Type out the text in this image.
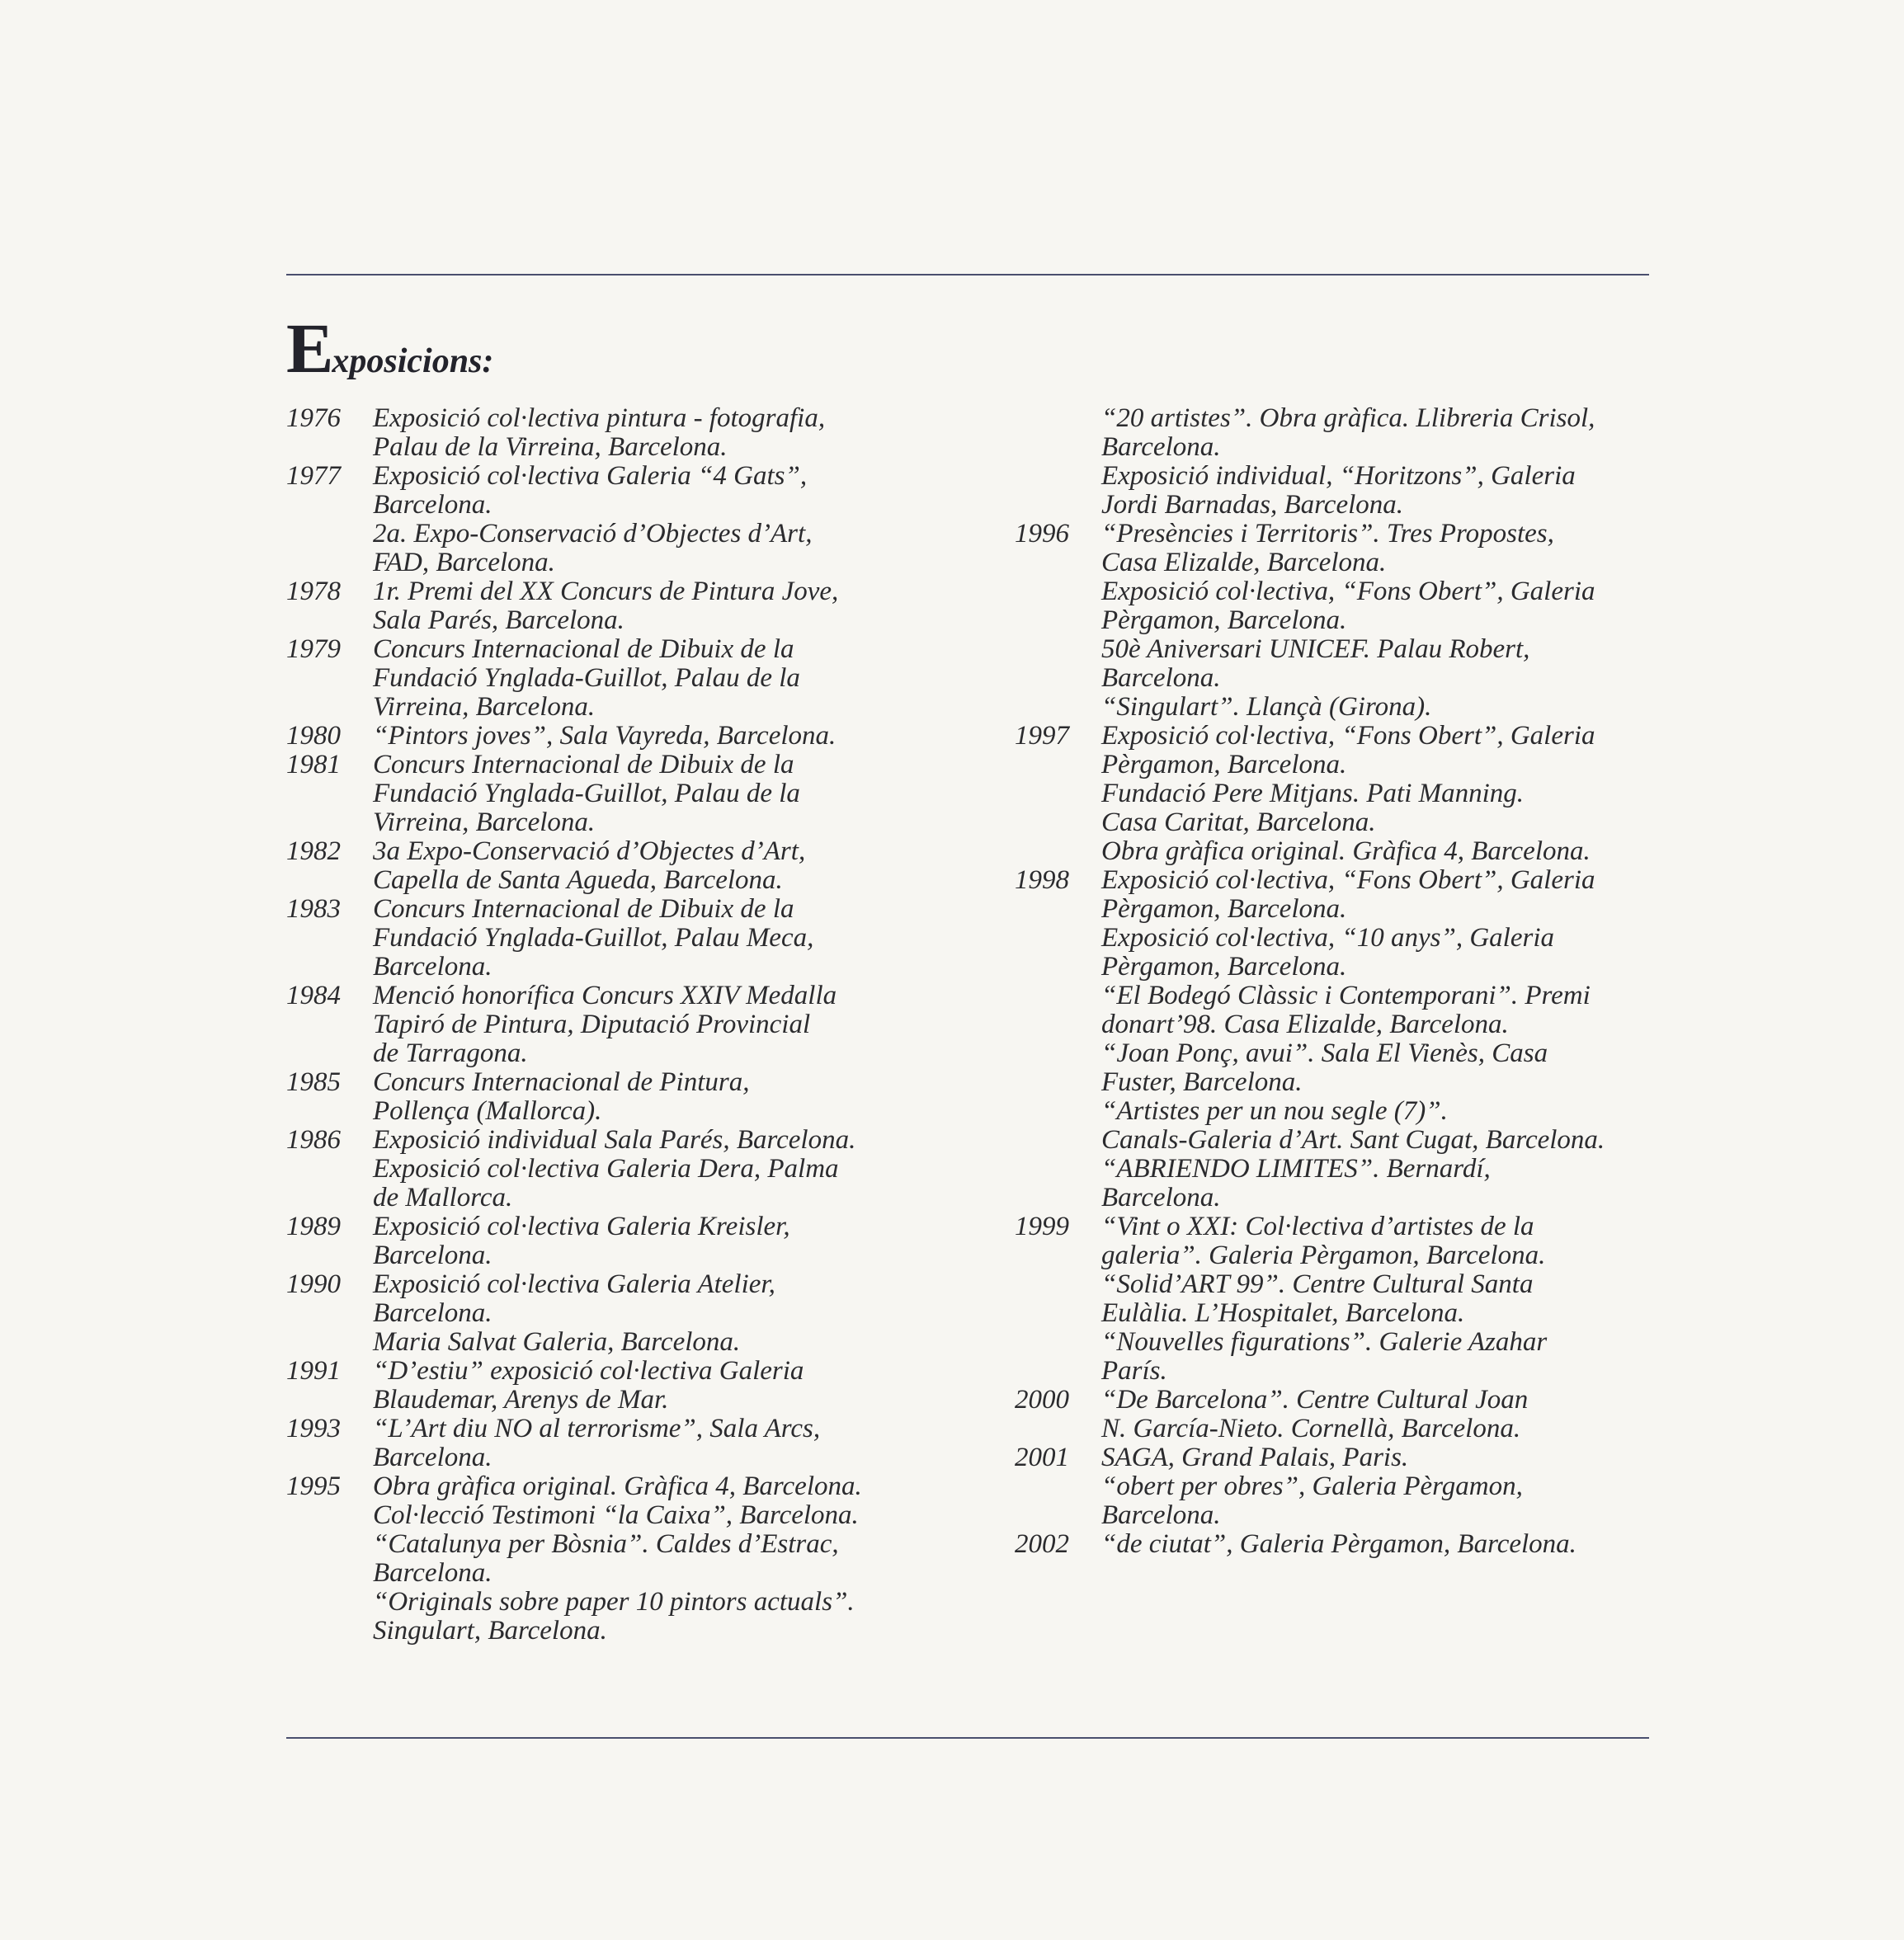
Exposicions:
1976	Exposició col·lectiva pintura - fotografia,
Palau de la Virreina, Barcelona.
1977	Exposició col·lectiva Galeria “4 Gats”,
Barcelona.
2a. Expo-Conservació d’Objectes d’Art,
FAD, Barcelona.
1978	1r. Premi del XX Concurs de Pintura Jove,
Sala Parés, Barcelona.
1979	Concurs Internacional de Dibuix de la
Fundació Ynglada-Guillot, Palau de la
Virreina, Barcelona.
1980	“Pintors joves”, Sala Vayreda, Barcelona.
1981	Concurs Internacional de Dibuix de la
Fundació Ynglada-Guillot, Palau de la
Virreina, Barcelona.
1982	3a Expo-Conservació d’Objectes d’Art,
Capella de Santa Agueda, Barcelona.
1983	Concurs Internacional de Dibuix de la
Fundació Ynglada-Guillot, Palau Meca,
Barcelona.
1984	Menció honorífica Concurs XXIV Medalla
Tapiró de Pintura, Diputació Provincial
de Tarragona.
1985	Concurs Internacional de Pintura,
Pollença (Mallorca).
1986	Exposició individual Sala Parés, Barcelona.
Exposició col·lectiva Galeria Dera, Palma
de Mallorca.
1989	Exposició col·lectiva Galeria Kreisler,
Barcelona.
1990	Exposició col·lectiva Galeria Atelier,
Barcelona.
Maria Salvat Galeria, Barcelona.
1991	“D’estiu” exposició col·lectiva Galeria
Blaudemar, Arenys de Mar.
1993	“L’Art diu NO al terrorisme”, Sala Arcs,
Barcelona.
1995	Obra gràfica original. Gràfica 4, Barcelona.
Col·lecció Testimoni “la Caixa”, Barcelona.
“Catalunya per Bòsnia”. Caldes d’Estrac,
Barcelona.
“Originals sobre paper 10 pintors actuals”.
Singulart, Barcelona.
“20 artistes”. Obra gràfica. Llibreria Crisol,
Barcelona.
Exposició individual, “Horitzons”, Galeria
Jordi Barnadas, Barcelona.
1996	“Presències i Territoris”. Tres Propostes,
Casa Elizalde, Barcelona.
Exposició col·lectiva, “Fons Obert”, Galeria
Pèrgamon, Barcelona.
50è Aniversari UNICEF. Palau Robert,
Barcelona.
“Singulart”. Llançà (Girona).
1997	Exposició col·lectiva, “Fons Obert”, Galeria
Pèrgamon, Barcelona.
Fundació Pere Mitjans. Pati Manning.
Casa Caritat, Barcelona.
Obra gràfica original. Gràfica 4, Barcelona.
1998	Exposició col·lectiva, “Fons Obert”, Galeria
Pèrgamon, Barcelona.
Exposició col·lectiva, “10 anys”, Galeria
Pèrgamon, Barcelona.
“El Bodegó Clàssic i Contemporani”. Premi
donart’98. Casa Elizalde, Barcelona.
“Joan Ponç, avui”. Sala El Vienès, Casa
Fuster, Barcelona.
“Artistes per un nou segle (7)”.
Canals-Galeria d’Art. Sant Cugat, Barcelona.
“ABRIENDO LIMITES”. Bernardí,
Barcelona.
1999	“Vint o XXI: Col·lectiva d’artistes de la
galeria”. Galeria Pèrgamon, Barcelona.
“Solid’ART 99”. Centre Cultural Santa
Eulàlia. L’Hospitalet, Barcelona.
“Nouvelles figurations”. Galerie Azahar
París.
2000	“De Barcelona”. Centre Cultural Joan
N. García-Nieto. Cornellà, Barcelona.
2001	SAGA, Grand Palais, Paris.
“obert per obres”, Galeria Pèrgamon,
Barcelona.
2002	“de ciutat”, Galeria Pèrgamon, Barcelona.
